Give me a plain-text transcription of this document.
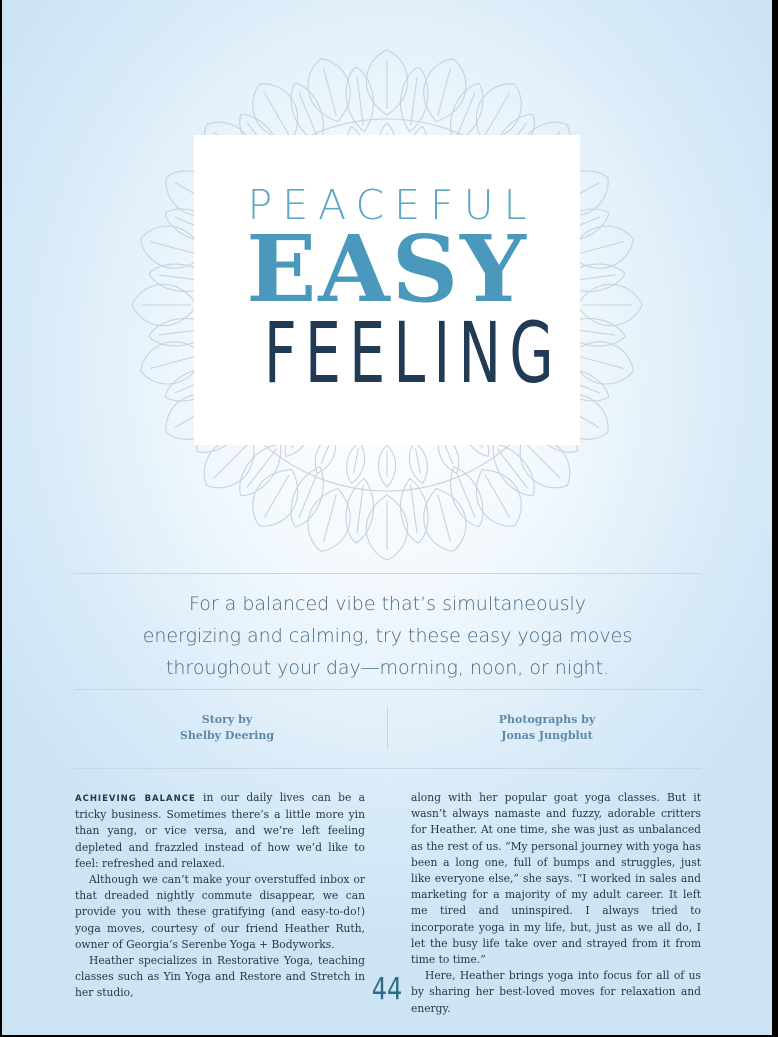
PEACEFUL
EASY
FEELING
For a balanced vibe that’s simultaneously
energizing and calming, try these easy yoga moves
throughout your day—morning, noon, or night.
Story by
Shelby Deering
Photographs by
Jonas Jungblut

ACHIEVING BALANCE in our daily lives can be a tricky business. Sometimes there’s a little more yin than yang, or vice versa, and we’re left feeling depleted and frazzled instead of how we’d like to feel: refreshed and relaxed.

Although we can’t make your overstuffed inbox or that dreaded nightly commute disappear, we can provide you with these gratifying (and easy-to-do!) yoga moves, courtesy of our friend Heather Ruth, owner of Georgia’s Serenbe Yoga + Bodyworks.

Heather specializes in Restorative Yoga, teaching classes such as Yin Yoga and Restore and Stretch in her studio,

along with her popular goat yoga classes. But it wasn’t always namaste and fuzzy, adorable critters for Heather. At one time, she was just as unbalanced as the rest of us. “My personal journey with yoga has been a long one, full of bumps and struggles, just like everyone else,” she says. “I worked in sales and marketing for a majority of my adult career. It left me tired and uninspired. I always tried to incorporate yoga in my life, but, just as we all do, I let the busy life take over and strayed from it from time to time.”

Here, Heather brings yoga into focus for all of us by sharing her best-loved moves for relaxation and energy.

44
